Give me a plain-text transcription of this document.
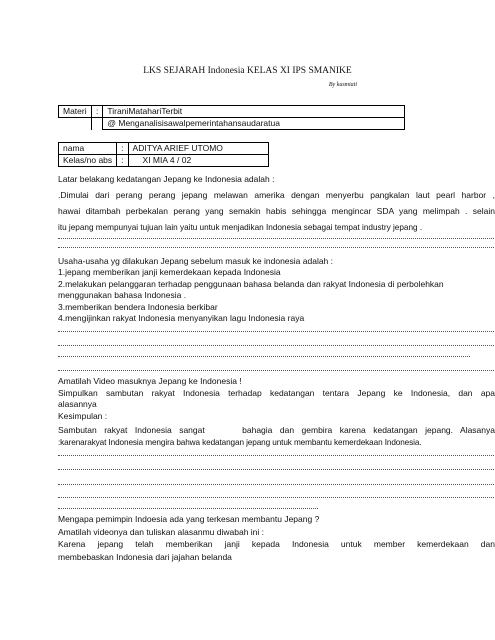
LKS SEJARAH Indonesia KELAS XI IPS SMANIKE
By kusmiati
Materi	:	TiraniMatahariTerbit
		@ Menganalisisawalpemerintahansaudaratua
nama	:	ADITYA ARIEF UTOMO
Kelas/no abs	:	XI MIA 4 / 02
Latar belakang kedatangan Jepang ke Indonesia adalah :
.Dimulai dari perang perang jepang melawan amerika dengan menyerbu pangkalan laut pearl harbor ,
hawai ditambah perbekalan perang yang semakin habis sehingga mengincar SDA yang melimpah . selain
itu jepang mempunyai tujuan lain yaitu untuk menjadikan Indonesia sebagai tempat industry jepang .
Usaha-usaha yg dilakukan Jepang sebelum masuk ke indonesia adalah :
1.jepang memberikan janji kemerdekaan kepada Indonesia
2.melakukan pelanggaran terhadap penggunaan bahasa belanda dan rakyat Indonesia di perbolehkan
menggunakan bahasa Indonesia .
3.memberikan bendera Indonesia berkibar
4.mengijinkan rakyat Indonesia menyanyikan lagu Indonesia raya
Amatilah Video masuknya Jepang ke Indonesia !
Simpulkan sambutan rakyat Indonesia terhadap kedatangan tentara Jepang ke Indonesia, dan apa
alasannya
Kesimpulan :
Sambutan rakyat Indonesia sangat     bahagia dan gembira karena kedatangan jepang. Alasanya
:karenarakyat Indonesia mengira bahwa kedatangan jepang untuk membantu kemerdekaan Indonesia.
Mengapa pemimpin Indoesia ada yang terkesan membantu Jepang ?
Amatilah videonya dan tuliskan alasanmu diwabah ini :
Karena jepang telah memberikan janji kepada Indonesia untuk member kemerdekaan dan
membebaskan Indonesia dari jajahan belanda
